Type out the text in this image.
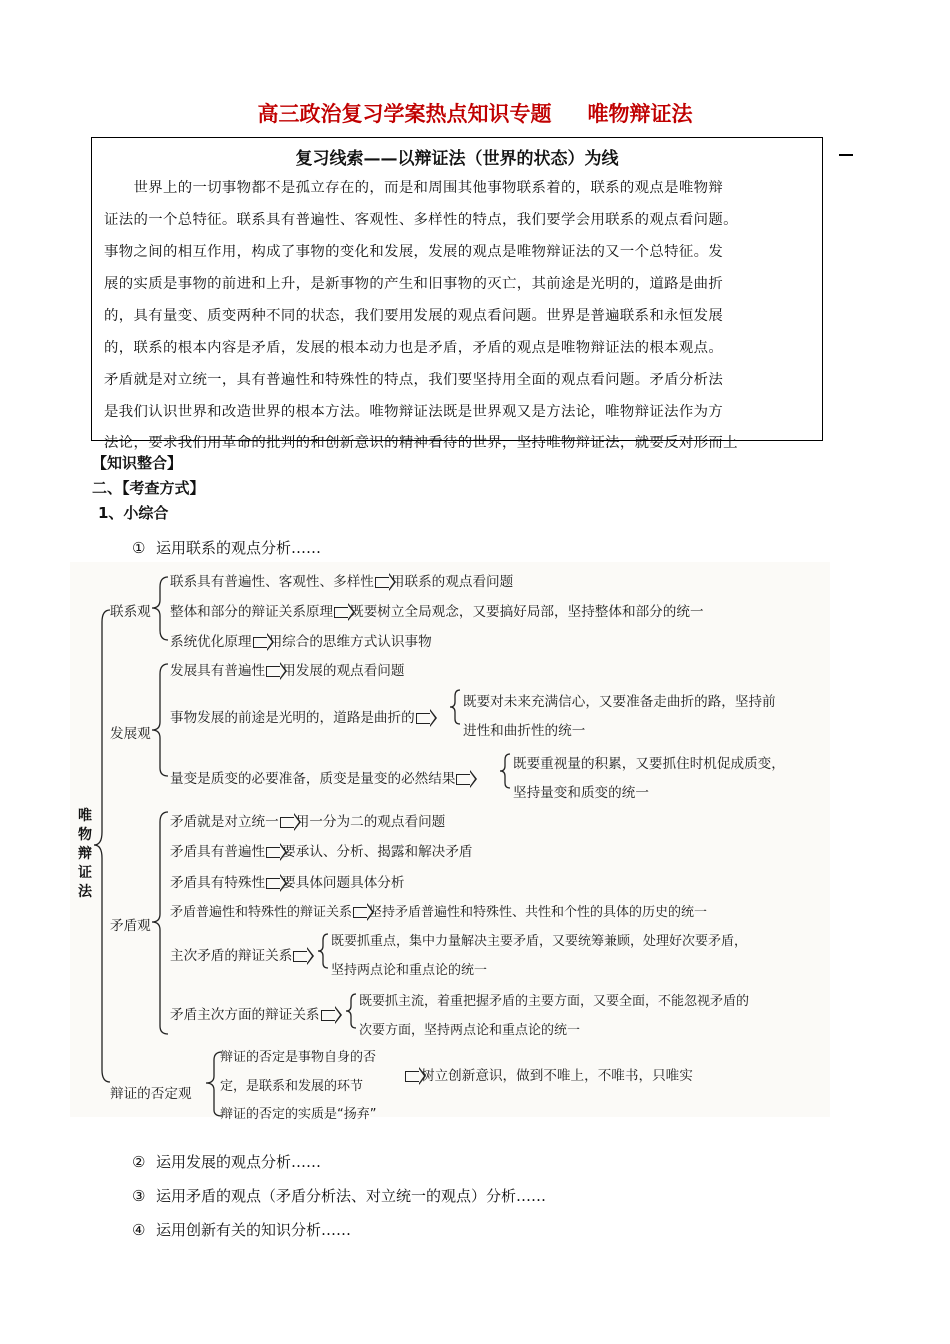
高三政治复习学案热点知识专题 唯物辩证法
复习线索——以辩证法（世界的状态）为线
　　世界上的一切事物都不是孤立存在的，而是和周围其他事物联系着的，联系的观点是唯物辩
证法的一个总特征。联系具有普遍性、客观性、多样性的特点，我们要学会用联系的观点看问题。
事物之间的相互作用，构成了事物的变化和发展，发展的观点是唯物辩证法的又一个总特征。发
展的实质是事物的前进和上升，是新事物的产生和旧事物的灭亡，其前途是光明的，道路是曲折
的，具有量变、质变两种不同的状态，我们要用发展的观点看问题。世界是普遍联系和永恒发展
的，联系的根本内容是矛盾，发展的根本动力也是矛盾，矛盾的观点是唯物辩证法的根本观点。
矛盾就是对立统一，具有普遍性和特殊性的特点，我们要坚持用全面的观点看问题。矛盾分析法
是我们认识世界和改造世界的根本方法。唯物辩证法既是世界观又是方法论，唯物辩证法作为方
法论，要求我们用革命的批判的和创新意识的精神看待的世界，坚持唯物辩证法，就要反对形而上
【知识整合】
二、【考查方式】
1、小综合
① 运用联系的观点分析……
唯物辩证法
联系观
联系具有普遍性、客观性、多样性 用联系的观点看问题
整体和部分的辩证关系原理 既要树立全局观念，又要搞好局部，坚持整体和部分的统一
系统优化原理 用综合的思维方式认识事物
发展观
发展具有普遍性 用发展的观点看问题
事物发展的前途是光明的，道路是曲折的
既要对未来充满信心，又要准备走曲折的路，坚持前
进性和曲折性的统一
量变是质变的必要准备，质变是量变的必然结果
既要重视量的积累，又要抓住时机促成质变，
坚持量变和质变的统一
矛盾观
矛盾就是对立统一 用一分为二的观点看问题
矛盾具有普遍性 要承认、分析、揭露和解决矛盾
矛盾具有特殊性 要具体问题具体分析
矛盾普遍性和特殊性的辩证关系 坚持矛盾普遍性和特殊性、共性和个性的具体的历史的统一
主次矛盾的辩证关系
既要抓重点，集中力量解决主要矛盾，又要统筹兼顾，处理好次要矛盾，
坚持两点论和重点论的统一
矛盾主次方面的辩证关系
既要抓主流，着重把握矛盾的主要方面，又要全面，不能忽视矛盾的
次要方面，坚持两点论和重点论的统一
辩证的否定观
辩证的否定是事物自身的否
定，是联系和发展的环节
辩证的否定的实质是“扬弃”
树立创新意识，做到不唯上，不唯书，只唯实
② 运用发展的观点分析……
③ 运用矛盾的观点（矛盾分析法、对立统一的观点）分析……
④ 运用创新有关的知识分析……
